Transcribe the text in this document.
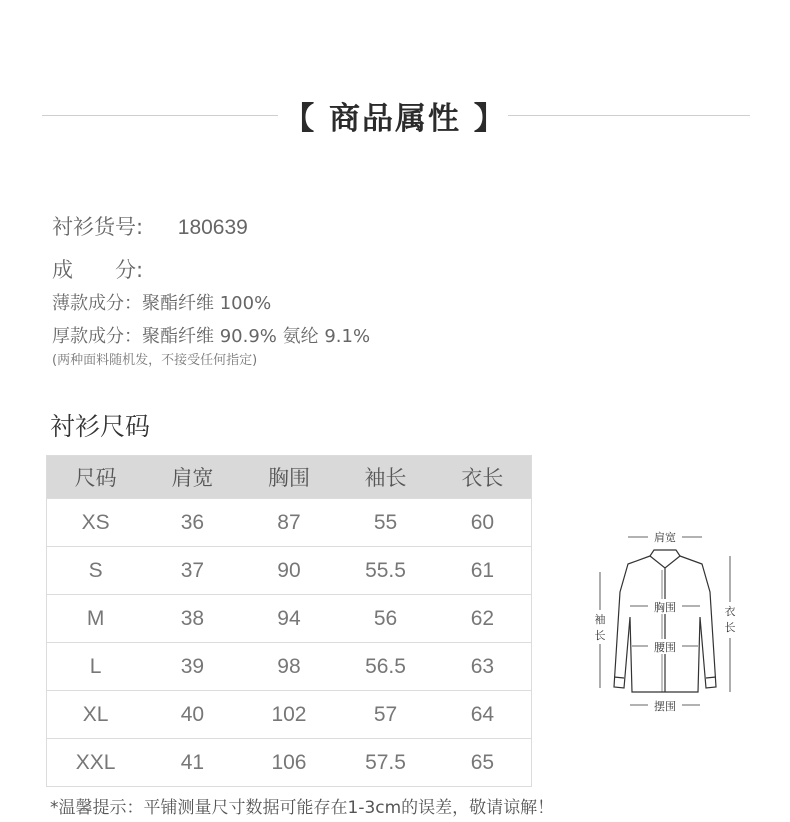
【 商品属性 】
衬衫货号: 180639
成　　分:
薄款成分：聚酯纤维 100%
厚款成分：聚酯纤维 90.9% 氨纶 9.1%
(两种面料随机发，不接受任何指定)
衬衫尺码
尺码	肩宽	胸围	袖长	衣长
XS	36	87	55	60
S	37	90	55.5	61
M	38	94	56	62
L	39	98	56.5	63
XL	40	102	57	64
XXL	41	106	57.5	65
肩宽
胸围
腰围
摆围
袖
长
衣
长
*温馨提示：平铺测量尺寸数据可能存在1-3cm的误差，敬请谅解！
